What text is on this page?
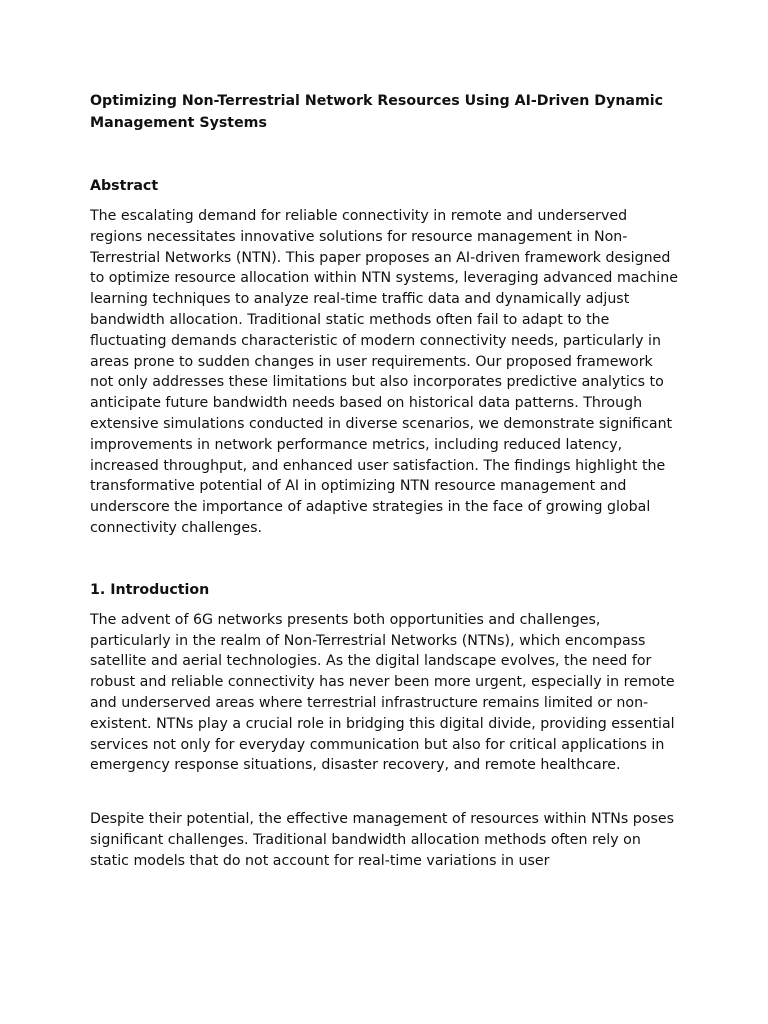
Optimizing Non-Terrestrial Network Resources Using AI-Driven Dynamic Management Systems
Abstract

The escalating demand for reliable connectivity in remote and underserved regions necessitates innovative solutions for resource management in Non-Terrestrial Networks (NTN). This paper proposes an AI-driven framework designed to optimize resource allocation within NTN systems, leveraging advanced machine learning techniques to analyze real-time traffic data and dynamically adjust bandwidth allocation. Traditional static methods often fail to adapt to the fluctuating demands characteristic of modern connectivity needs, particularly in areas prone to sudden changes in user requirements. Our proposed framework not only addresses these limitations but also incorporates predictive analytics to anticipate future bandwidth needs based on historical data patterns. Through extensive simulations conducted in diverse scenarios, we demonstrate significant improvements in network performance metrics, including reduced latency, increased throughput, and enhanced user satisfaction. The findings highlight the transformative potential of AI in optimizing NTN resource management and underscore the importance of adaptive strategies in the face of growing global connectivity challenges.

1. Introduction

The advent of 6G networks presents both opportunities and challenges, particularly in the realm of Non-Terrestrial Networks (NTNs), which encompass satellite and aerial technologies. As the digital landscape evolves, the need for robust and reliable connectivity has never been more urgent, especially in remote and underserved areas where terrestrial infrastructure remains limited or non-existent. NTNs play a crucial role in bridging this digital divide, providing essential services not only for everyday communication but also for critical applications in emergency response situations, disaster recovery, and remote healthcare.

Despite their potential, the effective management of resources within NTNs poses significant challenges. Traditional bandwidth allocation methods often rely on static models that do not account for real-time variations in user
